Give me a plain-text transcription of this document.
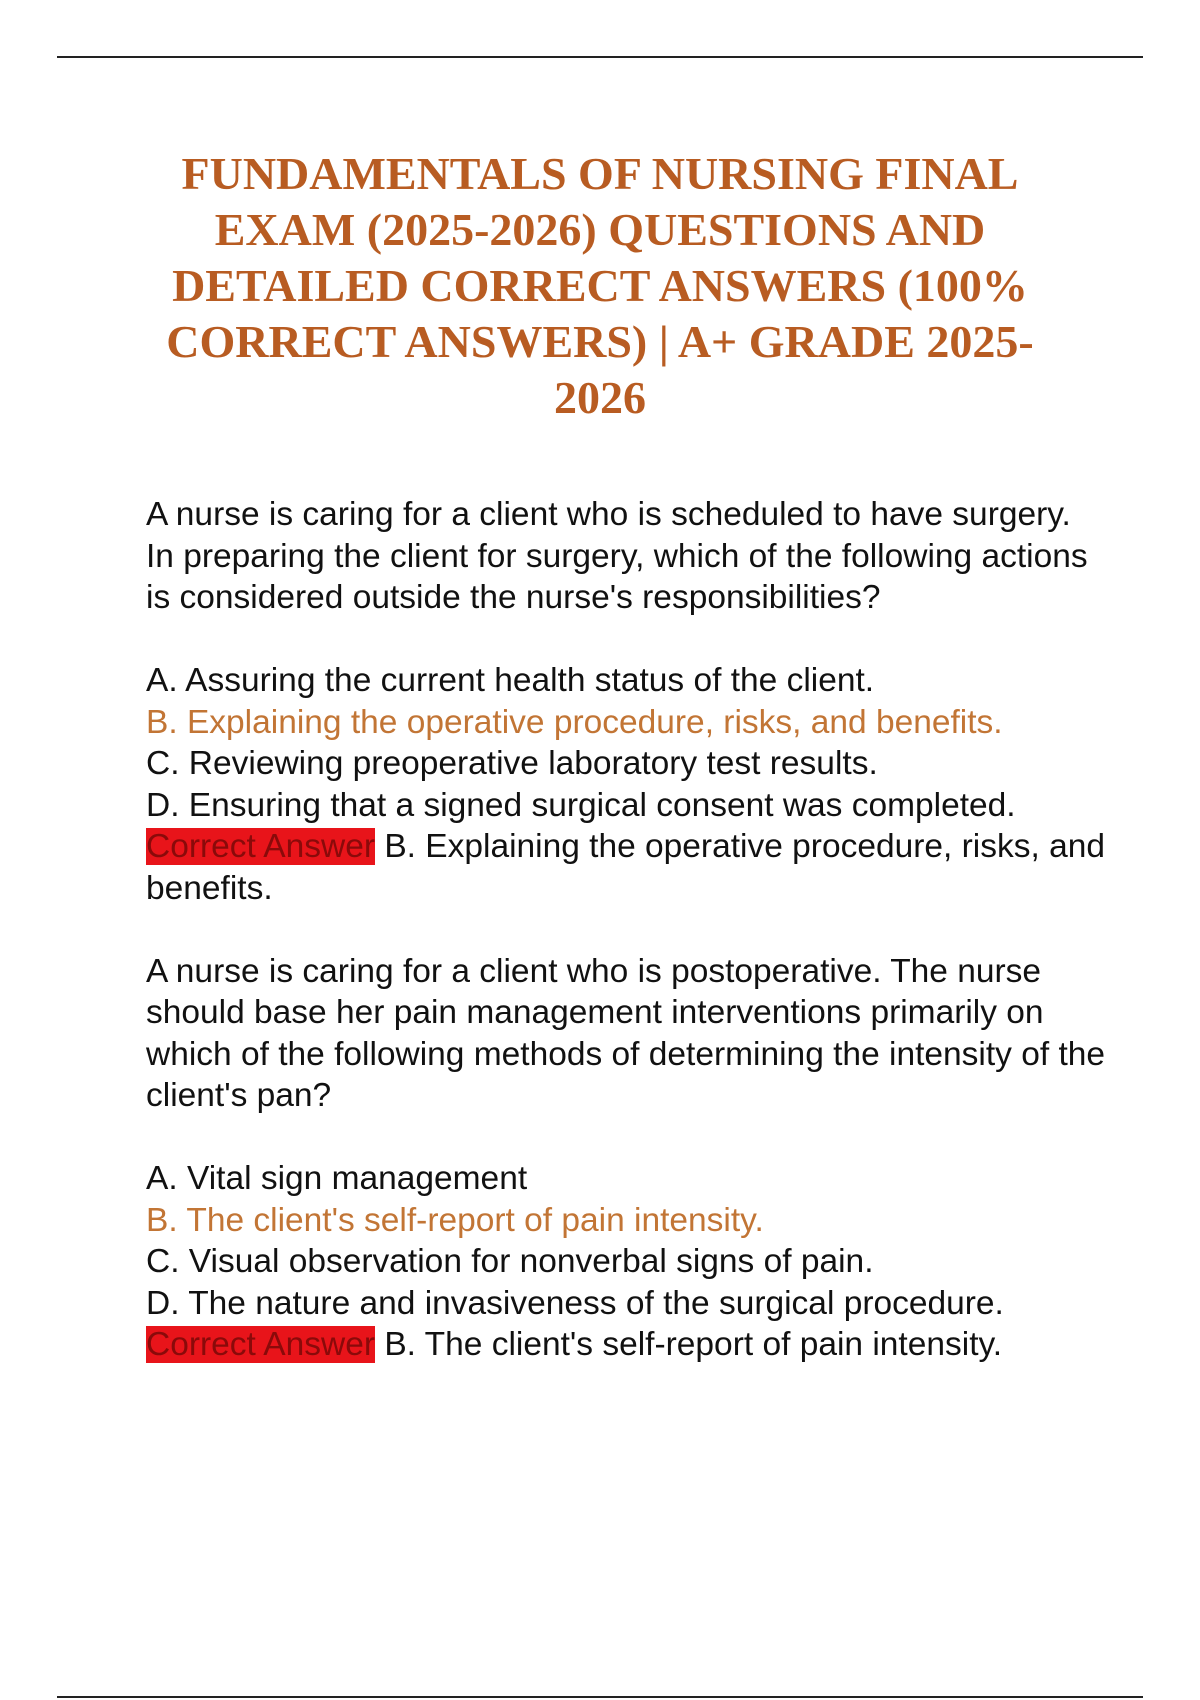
FUNDAMENTALS OF NURSING FINAL EXAM (2025-2026) QUESTIONS AND DETAILED CORRECT ANSWERS (100% CORRECT ANSWERS) | A+ GRADE 2025-2026

A nurse is caring for a client who is scheduled to have surgery. In preparing the client for surgery, which of the following actions is considered outside the nurse's responsibilities?

A. Assuring the current health status of the client.

B. Explaining the operative procedure, risks, and benefits.

C. Reviewing preoperative laboratory test results.

D. Ensuring that a signed surgical consent was completed.

Correct Answer B. Explaining the operative procedure, risks, and benefits.

A nurse is caring for a client who is postoperative. The nurse should base her pain management interventions primarily on which of the following methods of determining the intensity of the client's pan?

A. Vital sign management

B. The client's self-report of pain intensity.

C. Visual observation for nonverbal signs of pain.

D. The nature and invasiveness of the surgical procedure.

Correct Answer B. The client's self-report of pain intensity.
